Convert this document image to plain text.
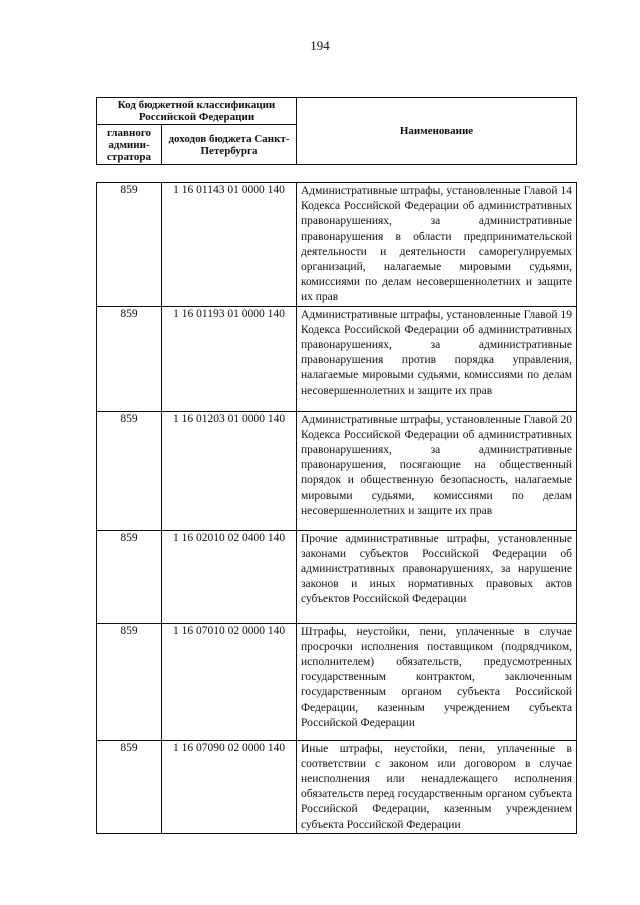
194
Код бюджетной классификации Российской Федерации		Наименование
главного админи-стратора	доходов бюджета Санкт-Петербурга	
859	1 16 01143 01 0000 140	Административные штрафы, установленные Главой 14 Кодекса Российской Федерации об административных правонарушениях, за административные правонарушения в области предпринимательской деятельности и деятельности саморегулируемых организаций, налагаемые мировыми судьями, комиссиями по делам несовершеннолетних и защите их прав
859	1 16 01193 01 0000 140	Административные штрафы, установленные Главой 19 Кодекса Российской Федерации об административных правонарушениях, за административные правонарушения против порядка управления, налагаемые мировыми судьями, комиссиями по делам несовершеннолетних и защите их прав
859	1 16 01203 01 0000 140	Административные штрафы, установленные Главой 20 Кодекса Российской Федерации об административных правонарушениях, за административные правонарушения, посягающие на общественный порядок и общественную безопасность, налагаемые мировыми судьями, комиссиями по делам несовершеннолетних и защите их прав
859	1 16 02010 02 0400 140	Прочие административные штрафы, установленные законами субъектов Российской Федерации об административных правонарушениях, за нарушение законов и иных нормативных правовых актов субъектов Российской Федерации
859	1 16 07010 02 0000 140	Штрафы, неустойки, пени, уплаченные в случае просрочки исполнения поставщиком (подрядчиком, исполнителем) обязательств, предусмотренных государственным контрактом, заключенным государственным органом субъекта Российской Федерации, казенным учреждением субъекта Российской Федерации
859	1 16 07090 02 0000 140	Иные штрафы, неустойки, пени, уплаченные в соответствии с законом или договором в случае неисполнения или ненадлежащего исполнения обязательств перед государственным органом субъекта Российской Федерации, казенным учреждением субъекта Российской Федерации
